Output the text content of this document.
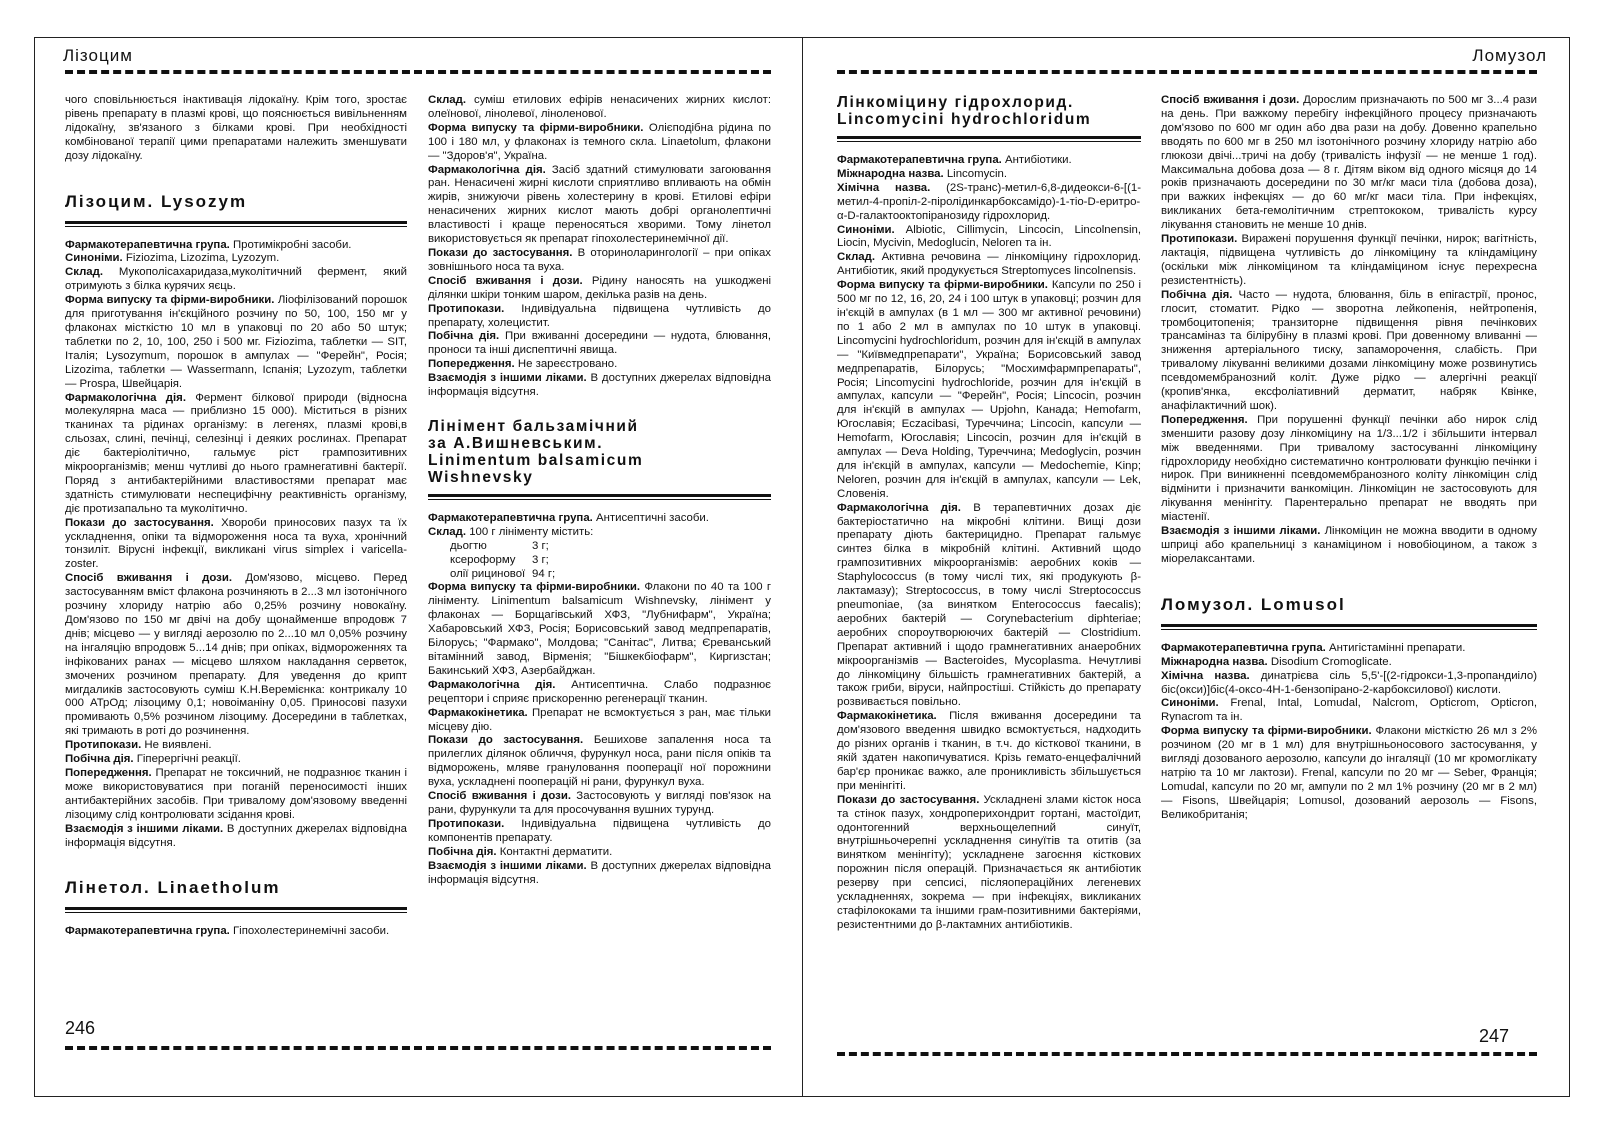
Лізоцим

чого сповільнюється інактивація лідокаїну. Крім того, зростає рівень препарату в плазмі крові, що пояснюється вивільненням лідокаїну, зв'язаного з білками крові. При необхідності комбінованої терапії цими препаратами належить зменшувати дозу лідокаїну.

Лізоцим. Lysozym

Фармакотерапевтична група. Протимікробні засоби.

Синоніми. Fiziozima, Lizozima, Lyzozym.

Склад. Мукополісахаридаза,муколітичний фермент, який отримують з білка курячих яєць.

Форма випуску та фірми-виробники. Ліофілізований порошок для приготування ін'єкційного розчину по 50, 100, 150 мг у флаконах місткістю 10 мл в упаковці по 20 або 50 штук; таблетки по 2, 10, 100, 250 і 500 мг. Fiziozima, таблетки — SIT, Італія; Lysozymum, порошок в ампулах — "Ферейн", Росія; Lizozima, таблетки — Wassermann, Іспанія; Lyzozym, таблетки — Prospa, Швейцарія.

Фармакологічна дія. Фермент білкової природи (відносна молекулярна маса — приблизно 15 000). Міститься в різних тканинах та рідинах організму: в легенях, плазмі крові,в сльозах, слині, печінці, селезінці і деяких рослинах. Препарат діє бактеріолітично, гальмує ріст грампозитивних мікроорганізмів; менш чутливі до нього грамнегативні бактерії. Поряд з антибактерійними властивостями препарат має здатність стимулювати неспецифічну реактивність організму, діє протизапально та муколітично.

Покази до застосування. Хвороби приносових пазух та їх ускладнення, опіки та відмороження носа та вуха, хронічний тонзиліт. Вірусні інфекції, викликані virus simplex і varicella-zoster.

Спосіб вживання і дози. Дом'язово, місцево. Перед застосуванням вміст флакона розчиняють в 2...3 мл ізотонічного розчину хлориду натрію або 0,25% розчину новокаїну. Дом'язово по 150 мг двічі на добу щонайменше впродовж 7 днів; місцево — у вигляді аерозолю по 2...10 мл 0,05% розчину на інгаляцію впродовж 5...14 днів; при опіках, відмороженнях та інфікованих ранах — місцево шляхом накладання серветок, змочених розчином препарату. Для уведення до крипт мигдаликів застосовують суміш К.Н.Веремієнка: контрикалу 10 000 АТрОд; лізоциму 0,1; новоіманіну 0,05. Приносові пазухи промивають 0,5% розчином лізоциму. Досередини в таблетках, які тримають в роті до розчинення.

Протипокази. Не виявлені.

Побічна дія. Гіперергічні реакції.

Попередження. Препарат не токсичний, не подразнює тканин і може використовуватися при поганій переносимості інших антибактерійних засобів. При тривалому дом'язовому введенні лізоциму слід контролювати зсідання крові.

Взаємодія з іншими ліками. В доступних джерелах відповідна інформація відсутня.

Лінетол. Linaetholum

Фармакотерапевтична група. Гіпохолестеринемічні засоби.

Склад. суміш етилових ефірів ненасичених жирних кислот: олеїнової, лінолевої, ліноленової.

Форма випуску та фірми-виробники. Олієподібна рідина по 100 і 180 мл, у флаконах із темного скла. Linaetolum, флакони — "Здоров'я", Україна.

Фармакологічна дія. Засіб здатний стимулювати загоювання ран. Ненасичені жирні кислоти сприятливо впливають на обмін жирів, знижуючи рівень холестерину в крові. Етилові ефіри ненасичених жирних кислот мають добрі органолептичні властивості і краще переносяться хворими. Тому лінетол використовується як препарат гіпохолестеринемічної дії.

Покази до застосування. В оториноларингології – при опіках зовнішнього носа та вуха.

Спосіб вживання і дози. Рідину наносять на ушкоджені ділянки шкіри тонким шаром, декілька разів на день.

Протипокази. Індивідуальна підвищена чутливість до препарату, холецистит.

Побічна дія. При вживанні досередини — нудота, блювання, проноси та інші диспептичні явища.

Попередження. Не зареєстровано.

Взаємодія з іншими ліками. В доступних джерелах відповідна інформація відсутня.

Лінімент бальзамічний
за А.Вишневським.
Linimentum balsamicum
Wishnevsky

Фармакотерапевтична група. Антисептичні засоби.

Склад. 100 г лініменту містить:

дьогтю	3 г;
ксероформу 3 г;
олії рицинової 94 г;

Форма випуску та фірми-виробники. Флакони по 40 та 100 г лініменту. Linimentum balsamicum Wishnevsky, лінімент у флаконах — Борщагівський ХФЗ, "Лубнифарм", Україна; Хабаровський ХФЗ, Росія; Борисовський завод медпрепаратів, Білорусь; "Фармако", Молдова; "Санітас", Литва; Єреванський вітамінний завод, Вірменія; "Бішкекбіофарм", Киргизстан; Бакинський ХФЗ, Азербайджан.

Фармакологічна дія. Антисептична. Слабо подразнює рецептори і сприяє прискоренню регенерації тканин.

Фармакокінетика. Препарат не всмоктується з ран, має тільки місцеву дію.

Покази до застосування. Бешихове запалення носа та прилеглих ділянок обличчя, фурункул носа, рани після опіків та відморожень, мляве грануловання пооперації ної порожнини вуха, ускладнені пооперацій ні рани, фурункул вуха.

Спосіб вживання і дози. Застосовують у вигляді пов'язок на рани, фурункули та для просочування вушних турунд.

Протипокази. Індивідуальна підвищена чутливість до компонентів препарату.

Побічна дія. Контактні дерматити.

Взаємодія з іншими ліками. В доступних джерелах відповідна інформація відсутня.

246
Ломузол
Лінкоміцину гідрохлорид.
Lincomycini hydrochloridum

Фармакотерапевтична група. Антибіотики.

Міжнародна назва. Lincomycin.

Хімічна назва. (2S-транс)-метил-6,8-дидеокси-6-[(1-метил-4-пропіл-2-піролідинкарбоксамідо)-1-тіо-D-еритро-α-D-галактооктопіранозиду гідрохлорид.

Синоніми. Albiotic, Cillimycin, Lincocin, Lincolnensin, Liocin, Mycivin, Medoglucin, Neloren та ін.

Склад. Активна речовина — лінкоміцину гідрохлорид. Антибіотик, який продукується Streptomyces lincolnensis.

Форма випуску та фірми-виробники. Капсули по 250 і 500 мг по 12, 16, 20, 24 і 100 штук в упаковці; розчин для ін'єкцій в ампулах (в 1 мл — 300 мг активної речовини) по 1 або 2 мл в ампулах по 10 штук в упаковці. Lincomycini hydrochloridum, розчин для ін'єкцій в ампулах — "Київмедпрепарати", Україна; Борисовський завод медпрепаратів, Білорусь; "Мосхимфармпрепараты", Росія; Lincomycini hydrochloride, розчин для ін'єкцій в ампулах, капсули — "Ферейн", Росія; Lincocin, розчин для ін'єкцій в ампулах — Upjohn, Канада; Hemofarm, Югославія; Eczacibasi, Туреччина; Lincocin, капсули — Hemofarm, Югославія; Lincocin, розчин для ін'єкцій в ампулах — Deva Holding, Туреччина; Medoglycin, розчин для ін'єкцій в ампулах, капсули — Medochemie, Kinp; Neloren, розчин для ін'єкцій в ампулах, капсули — Lek, Словенія.

Фармакологічна дія. В терапевтичних дозах діє бактеріостатично на мікробні клітини. Вищі дози препарату діють бактерицидно. Препарат гальмує синтез білка в мікробній клітині. Активний щодо грампозитивних мікроорганізмів: аеробних коків — Staphylococcus (в тому числі тих, які продукують β-лактамазу); Streptococcus, в тому числі Streptococcus pneumoniae, (за винятком Enterococcus faecalis); аеробних бактерій — Corynebacterium diphteriae; аеробних спороутворюючих бактерій — Clostridium. Препарат активний і щодо грамнегативних анаеробних мікроорганізмів — Bacteroides, Mycoplasma. Нечутливі до лінкоміцину більшість грамнегативних бактерій, а також гриби, віруси, найпростіші. Стійкість до препарату розвивається повільно.

Фармакокінетика. Після вживання досередини та дом'язового введення швидко всмоктується, надходить до різних органів і тканин, в т.ч. до кісткової тканини, в якій здатен накопичуватися. Крізь гемато-енцефалічний бар'єр проникає важко, але проникливість збільшується при менінгіті.

Покази до застосування. Ускладнені злами кісток носа та стінок пазух, хондроперихондрит гортані, мастоїдит, одонтогенний верхньощелепний синуїт, внутрішньочерепні ускладнення синуїтів та отитів (за винятком менінгіту); ускладнене загоєння кісткових порожнин після операцій. Призначається як антибіотик резерву при сепсисі, післяопераційних легеневих ускладненнях, зокрема — при інфекціях, викликаних стафілококами та іншими грам-позитивними бактеріями, резистентними до β-лактамних антибіотиків.

Спосіб вживання і дози. Дорослим призначають по 500 мг 3...4 рази на день. При важкому перебігу інфекційного процесу призначають дом'язово по 600 мг один або два рази на добу. Довенно крапельно вводять по 600 мг в 250 мл ізотонічного розчину хлориду натрію або глюкози двічі...тричі на добу (тривалість інфузії — не менше 1 год). Максимальна добова доза — 8 г. Дітям віком від одного місяця до 14 років призначають досередини по 30 мг/кг маси тіла (добова доза), при важких інфекціях — до 60 мг/кг маси тіла. При інфекціях, викликаних бета-гемолітичним стрептококом, тривалість курсу лікування становить не менше 10 днів.

Протипокази. Виражені порушення функції печінки, нирок; вагітність, лактація, підвищена чутливість до лінкоміцину та кліндаміцину (оскільки між лінкоміцином та кліндаміцином існує перехресна резистентність).

Побічна дія. Часто — нудота, блювання, біль в епігастрії, пронос, глосит, стоматит. Рідко — зворотна лейкопенія, нейтропенія, тромбоцитопенія; транзиторне підвищення рівня печінкових трансаміназ та білірубіну в плазмі крові. При довенному вливанні — зниження артеріального тиску, запаморочення, слабість. При тривалому лікуванні великими дозами лінкоміцину може розвинутись псевдомембранозний коліт. Дуже рідко — алергічні реакції (кропив'янка, ексфоліативний дерматит, набряк Квінке, анафілактичний шок).

Попередження. При порушенні функції печінки або нирок слід зменшити разову дозу лінкоміцину на 1/3...1/2 і збільшити інтервал між введеннями. При тривалому застосуванні лінкоміцину гідрохлориду необхідно систематично контролювати функцію печінки і нирок. При виникненні псевдомембранозного коліту лінкоміцин слід відмінити і призначити ванкоміцин. Лінкоміцин не застосовують для лікування менінгіту. Парентерально препарат не вводять при міастенії.

Взаємодія з іншими ліками. Лінкоміцин не можна вводити в одному шприці або крапельниці з канаміцином і новобіоцином, а також з міорелаксантами.

Ломузол. Lomusol

Фармакотерапевтична група. Антигістамінні препарати.

Міжнародна назва. Disodium Cromoglicate.

Хімічна назва. динатрієва сіль 5,5'-[(2-гідрокси-1,3-пропандиіло) біс(окси)]біс(4-оксо-4Н-1-бензопірано-2-карбоксилової) кислоти.

Синоніми. Frenal, Intal, Lomudal, Nalcrom, Opticrom, Opticron, Rynacrom та ін.

Форма випуску та фірми-виробники. Флакони місткістю 26 мл з 2% розчином (20 мг в 1 мл) для внутрішньоносового застосування, у вигляді дозованого аерозолю, капсули до інгаляції (10 мг кромоглікату натрію та 10 мг лактози). Frenal, капсули по 20 мг — Seber, Франція; Lomudal, капсули по 20 мг, ампули по 2 мл 1% розчину (20 мг в 2 мл) — Fisons, Швейцарія; Lomusol, дозований аерозоль — Fisons, Великобританія;

247
